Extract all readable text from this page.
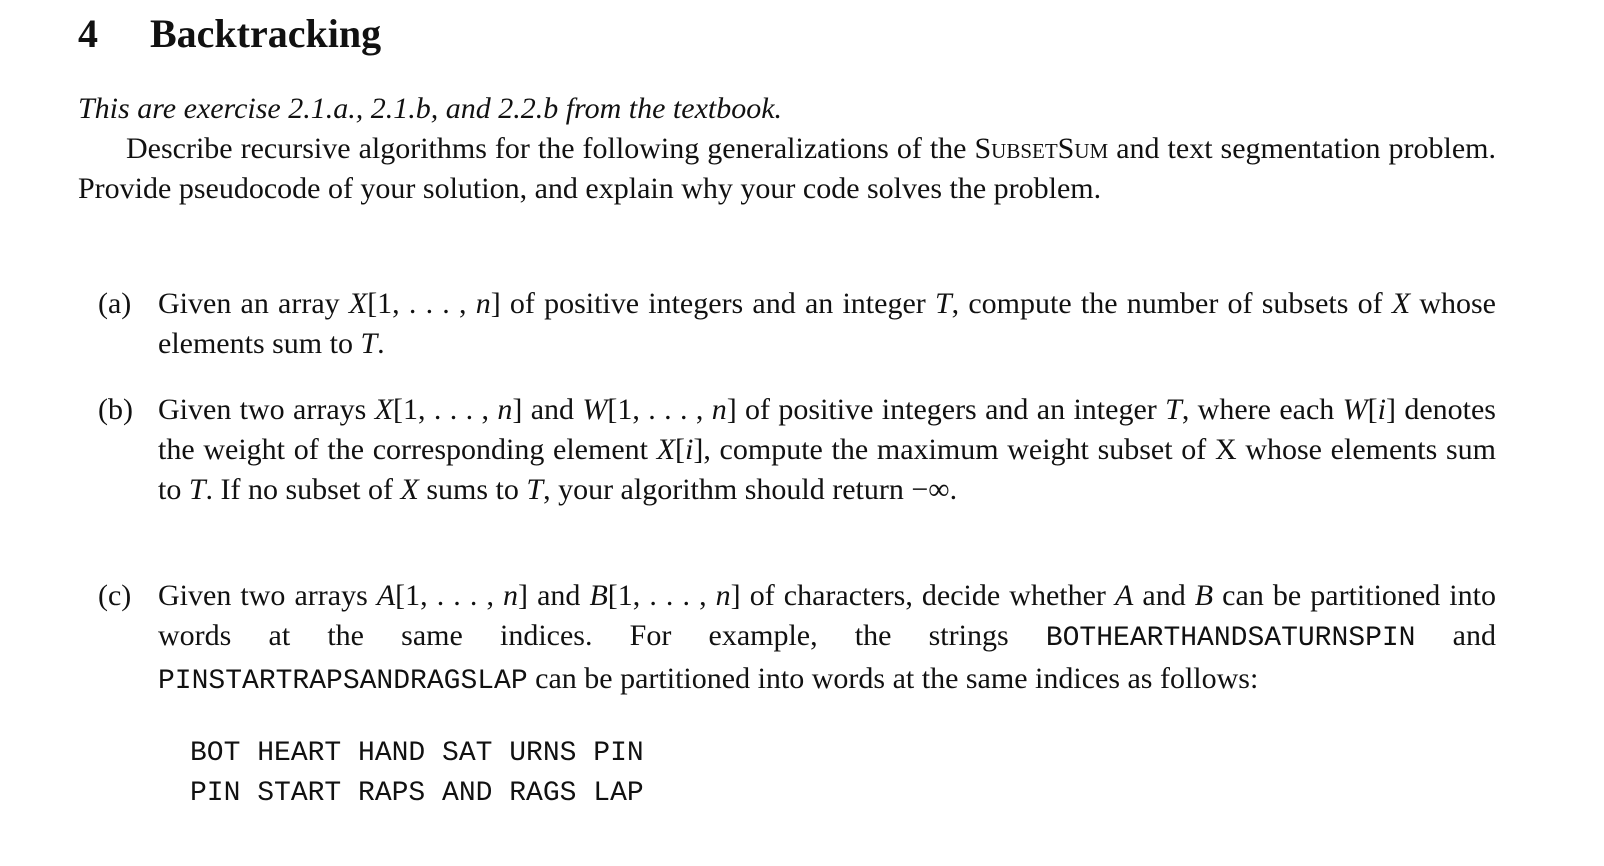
4 Backtracking
This are exercise 2.1.a., 2.1.b, and 2.2.b from the textbook.
Describe recursive algorithms for the following generalizations of the SubsetSum and text segmentation problem. Provide pseudocode of your solution, and explain why your code solves the problem.
(a) Given an array X[1, . . . , n] of positive integers and an integer T, compute the number of subsets of X whose elements sum to T.
(b) Given two arrays X[1, . . . , n] and W[1, . . . , n] of positive integers and an integer T, where each W[i] denotes the weight of the corresponding element X[i], compute the maximum weight subset of X whose elements sum to T. If no subset of X sums to T, your algorithm should return −∞.
(c) Given two arrays A[1, . . . , n] and B[1, . . . , n] of characters, decide whether A and B can be partitioned into words at the same indices. For example, the strings BOTHEARTHANDSATURNSPIN and PINSTARTRAPSANDRAGSLAP can be partitioned into words at the same indices as follows:
BOT HEART HAND SAT URNS PIN
PIN START RAPS AND RAGS LAP
